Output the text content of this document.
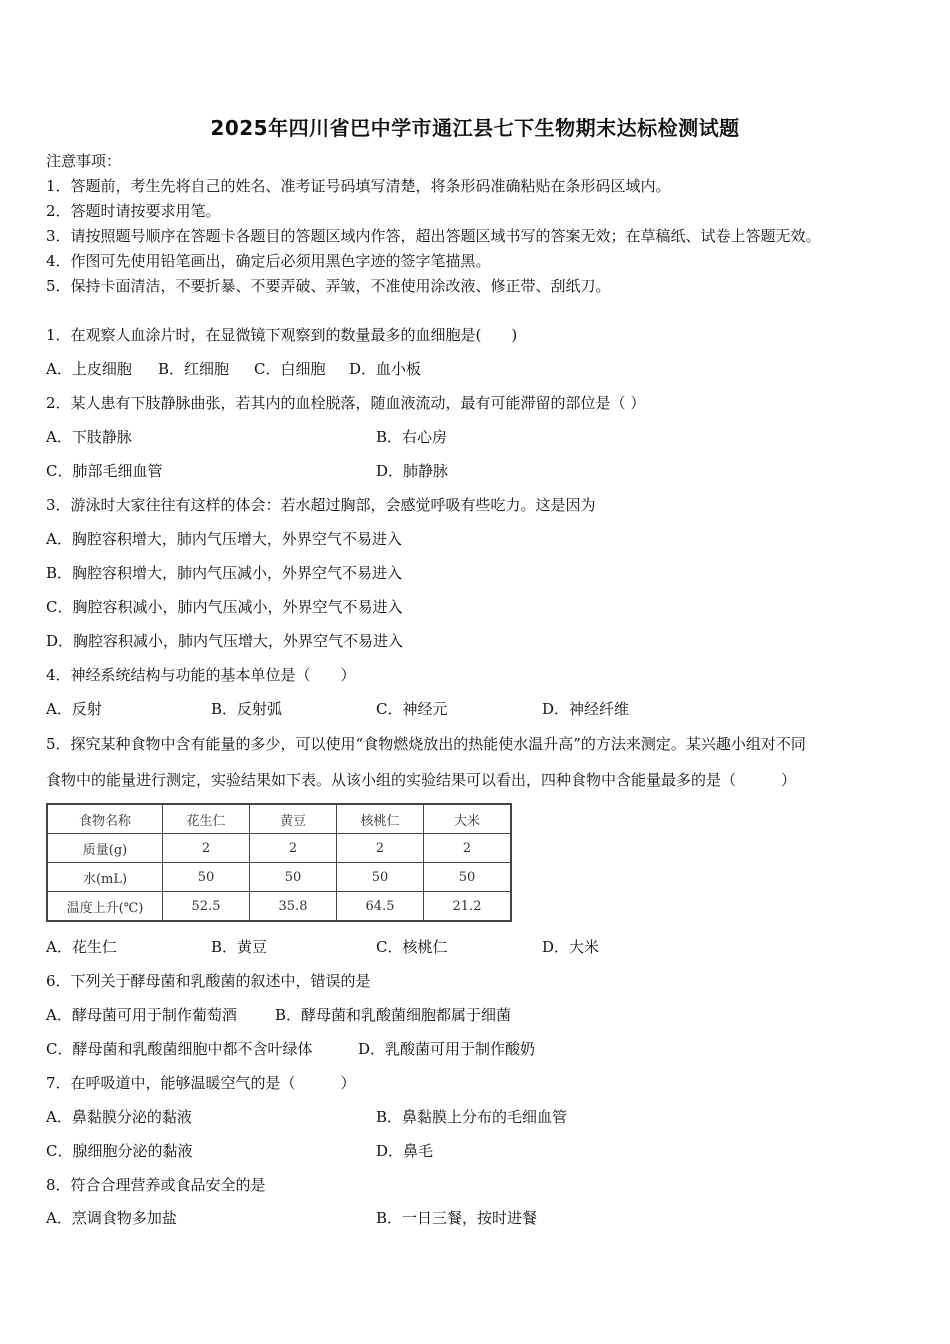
2025年四川省巴中学市通江县七下生物期末达标检测试题
注意事项：
1．答题前，考生先将自己的姓名、准考证号码填写清楚，将条形码准确粘贴在条形码区域内。
2．答题时请按要求用笔。
3．请按照题号顺序在答题卡各题目的答题区域内作答，超出答题区域书写的答案无效；在草稿纸、试卷上答题无效。
4．作图可先使用铅笔画出，确定后必须用黑色字迹的签字笔描黑。
5．保持卡面清洁，不要折暴、不要弄破、弄皱，不准使用涂改液、修正带、刮纸刀。
1．在观察人血涂片时，在显微镜下观察到的数量最多的血细胞是(　　)
A．上皮细胞 B．红细胞 C．白细胞 D．血小板
2．某人患有下肢静脉曲张，若其内的血栓脱落，随血液流动，最有可能滞留的部位是（ ）
A．下肢静脉	B．右心房
C．肺部毛细血管	D．肺静脉
3．游泳时大家往往有这样的体会：若水超过胸部，会感觉呼吸有些吃力。这是因为
A．胸腔容积增大，肺内气压增大，外界空气不易进入
B．胸腔容积增大，肺内气压减小，外界空气不易进入
C．胸腔容积减小，肺内气压减小，外界空气不易进入
D．胸腔容积减小，肺内气压增大，外界空气不易进入
4．神经系统结构与功能的基本单位是（　　）
A．反射	B．反射弧	C．神经元	D．神经纤维
5．探究某种食物中含有能量的多少，可以使用“食物燃烧放出的热能使水温升高”的方法来测定。某兴趣小组对不同
食物中的能量进行测定，实验结果如下表。从该小组的实验结果可以看出，四种食物中含能量最多的是（　　　）
食物名称	花生仁	黄豆	核桃仁	大米
质量(g)	2	2	2	2
水(mL)	50	50	50	50
温度上升(℃)	52.5	35.8	64.5	21.2
A．花生仁	B．黄豆	C．核桃仁	D．大米
6．下列关于酵母菌和乳酸菌的叙述中，错误的是
A．酵母菌可用于制作葡萄酒	B．酵母菌和乳酸菌细胞都属于细菌
C．酵母菌和乳酸菌细胞中都不含叶绿体	D．乳酸菌可用于制作酸奶
7．在呼吸道中，能够温暖空气的是（　　　）
A．鼻黏膜分泌的黏液	B．鼻黏膜上分布的毛细血管
C．腺细胞分泌的黏液	D．鼻毛
8．符合合理营养或食品安全的是
A．烹调食物多加盐	B．一日三餐，按时进餐
